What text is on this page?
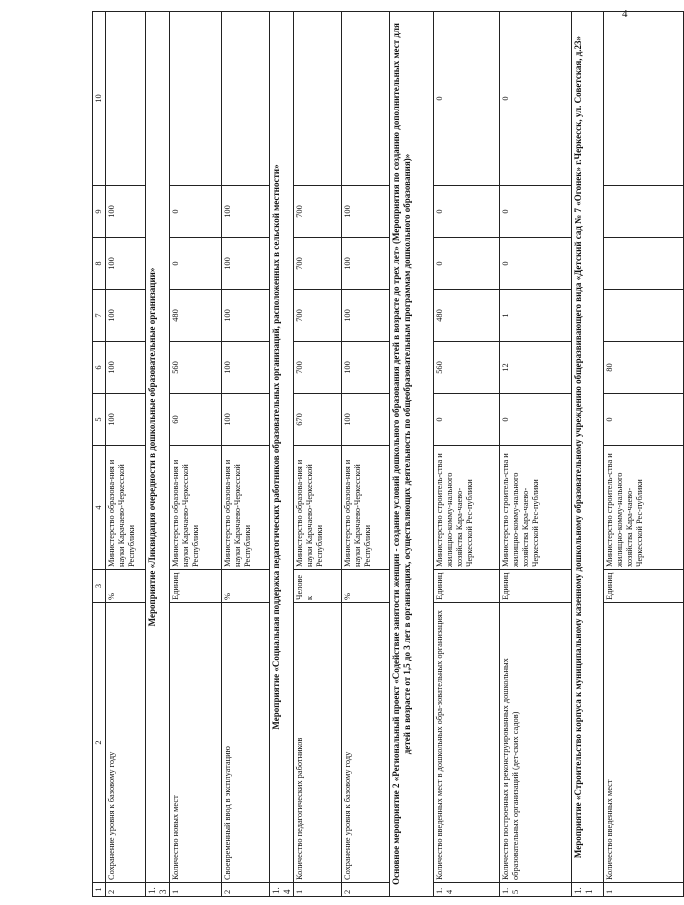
4
1	2	3	4	5	6	7	8	9	10
2	Сохранение уровня к базовому году	%	Министерство образова-ния и науки Карачаево-Черкесской Республики	100	100	100	100	100	
1.3	Мероприятие «Ликвидация очередности в дошкольные образовательные организации»								
1	Количество новых мест	Единиц	Министерство образова-ния и науки Карачаево-Черкесской Республики	60	560	480	0	0	
2	Своевременный ввод в эксплуатацию	%	Министерство образова-ния и науки Карачаево-Черкесской Республики	100	100	100	100	100	
1.4	Мероприятие «Социальная поддержка педагогических работников образовательных организаций, расположенных в сельской местности»								
1	Количество педагогических работников	Человек	Министерство образова-ния и науки Карачаево-Черкесской Республики	670	700	700	700	700	
2	Сохранение уровня к базовому году	%	Министерство образова-ния и науки Карачаево-Черкесской Республики	100	100	100	100	100	
Основное мероприятие 2 «Региональный проект «Содействие занятости женщин - создание условий дошкольного образования детей в возрасте до трех лет» (Мероприятия по созданию дополнительных мест для детей в возрасте от 1,5 до 3 лет в организациях, осуществляющих деятельность по общеобразовательным программам дошкольного образования)»									
1.4	Количество введенных мест в дошкольных обра-зовательных организациях	Единиц	Министерство строитель-ства и жилищно-комму-нального хозяйства Кара-чаево-Черкесской Рес-публики	0	560	480	0	0	0
1.5	Количество построенных и реконструированных дошкольных образовательных организаций (дет-ских садов)	Единиц	Министерство строитель-ства и жилищно-комму-нального хозяйства Кара-чаево-Черкесской Рес-публики	0	12	1	0	0	0
1.1	Мероприятие «Строительство корпуса к муниципальному казенному дошкольному образовательному учреждению общеразвивающего вида «Детский сад № 7 «Огонек» г.Черкесск, ул. Советская, д.23»								
1	Количество введенных мест	Единиц	Министерство строитель-ства и жилищно-комму-нального хозяйства Кара-чаево-Черкесской Рес-публики	0	80				
